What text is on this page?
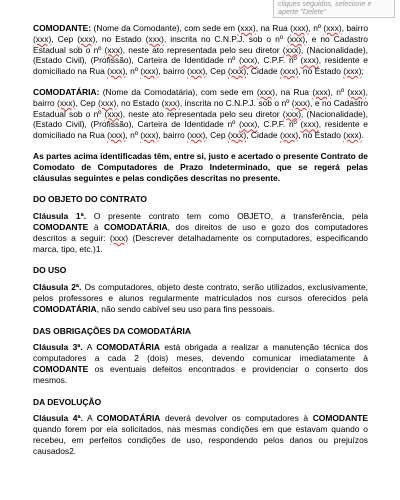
cliques seguidos, selecione e
aperte "Delete"

COMODANTE: (Nome da Comodante), com sede em (xxx), na Rua (xxx), nº (xxx), bairro (xxx), Cep (xxx), no Estado (xxx), inscrita no C.N.P.J. sob o nº (xxx), e no Cadastro Estadual sob o nº (xxx), neste ato representada pelo seu diretor (xxx), (Nacionalidade), (Estado Civil), (Profissão), Carteira de Identidade nº (xxx), C.P.F. nº (xxx), residente e domiciliado na Rua (xxx), nº (xxx), bairro (xxx), Cep (xxx), Cidade (xxx), no Estado (xxx);

COMODATÁRIA: (Nome da Comodatária), com sede em (xxx), na Rua (xxx), nº (xxx), bairro (xxx), Cep (xxx), no Estado (xxx), inscrita no C.N.P.J. sob o nº (xxx), e no Cadastro Estadual sob o nº (xxx), neste ato representada pelo seu diretor (xxx), (Nacionalidade), (Estado Civil), (Profissão), Carteira de Identidade nº (xxx), C.P.F. nº (xxx), residente e domiciliado na Rua (xxx), nº (xxx), bairro (xxx), Cep (xxx), Cidade (xxx), no Estado (xxx).

As partes acima identificadas têm, entre si, justo e acertado o presente Contrato de Comodato de Computadores de Prazo Indeterminado, que se regerá pelas cláusulas seguintes e pelas condições descritas no presente.

DO OBJETO DO CONTRATO

Cláusula 1ª. O presente contrato tem como OBJETO, a transferência, pela COMODANTE à COMODATÁRIA, dos direitos de uso e gozo dos computadores descritos a seguir: (xxx) (Descrever detalhadamente os computadores, especificando marca, tipo, etc.)1.

DO USO

Cláusula 2ª. Os computadores, objeto deste contrato, serão utilizados, exclusivamente, pelos professores e alunos regularmente matriculados nos cursos oferecidos pela COMODATÁRIA, não sendo cabível seu uso para fins pessoais.

DAS OBRIGAÇÕES DA COMODATÁRIA

Cláusula 3ª. A COMODATÁRIA está obrigada a realizar a manutenção técnica dos computadores a cada 2 (dois) meses, devendo comunicar imediatamente à COMODANTE os eventuais defeitos encontrados e providenciar o conserto dos mesmos.

DA DEVOLUÇÃO

Cláusula 4ª. A COMODATÁRIA deverá devolver os computadores à COMODANTE quando forem por ela solicitados, nas mesmas condições em que estavam quando o recebeu, em perfeitos condições de uso, respondendo pelos danos ou prejuízos causados2.
